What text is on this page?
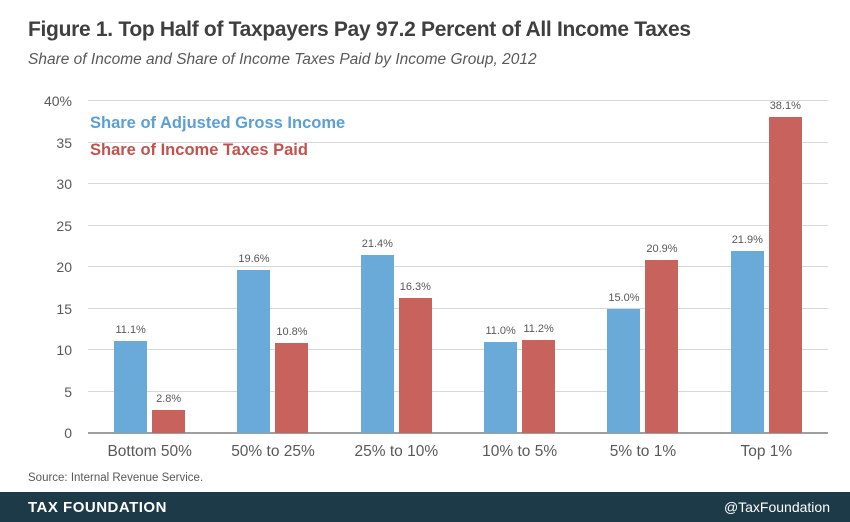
Figure 1. Top Half of Taxpayers Pay 97.2 Percent of All Income Taxes
Share of Income and Share of Income Taxes Paid by Income Group, 2012
0
5
10
15
20
25
30
35
40%
Share of Adjusted Gross Income
Share of Income Taxes Paid
11.1%
2.8%
19.6%
10.8%
21.4%
16.3%
11.0% 11.2%
15.0%
20.9%
21.9%
38.1%
Bottom 50%	50% to 25%	25% to 10%	10% to 5%	5% to 1%	Top 1%
Source: Internal Revenue Service.
TAX FOUNDATION	@TaxFoundation
